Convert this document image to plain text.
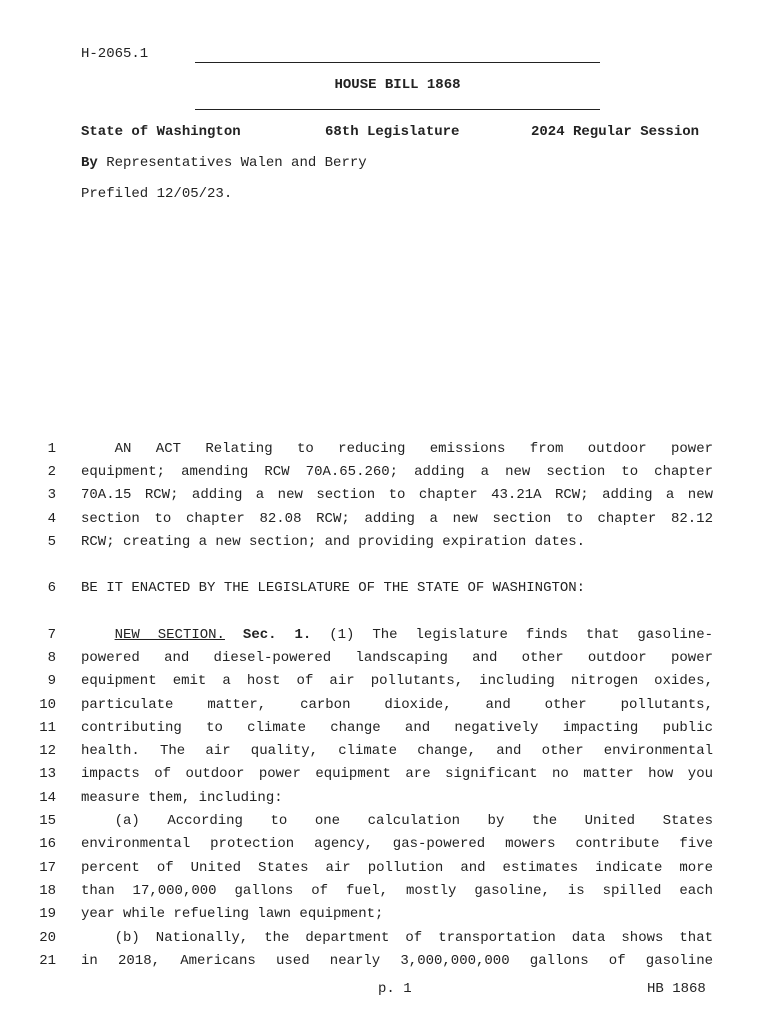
H-2065.1
HOUSE BILL 1868
State of Washington	68th Legislature	2024 Regular Session
By Representatives Walen and Berry
Prefiled 12/05/23.
1	AN ACT Relating to reducing emissions from outdoor power
2 equipment; amending RCW 70A.65.260; adding a new section to chapter
3 70A.15 RCW; adding a new section to chapter 43.21A RCW; adding a new
4 section to chapter 82.08 RCW; adding a new section to chapter 82.12
5 RCW; creating a new section; and providing expiration dates.
6 BE IT ENACTED BY THE LEGISLATURE OF THE STATE OF WASHINGTON:
7	NEW SECTION. Sec. 1. (1) The legislature finds that gasoline-
8 powered and diesel-powered landscaping and other outdoor power
9 equipment emit a host of air pollutants, including nitrogen oxides,
10 particulate matter, carbon dioxide, and other pollutants,
11 contributing to climate change and negatively impacting public
12 health. The air quality, climate change, and other environmental
13 impacts of outdoor power equipment are significant no matter how you
14 measure them, including:
15	(a) According to one calculation by the United States
16 environmental protection agency, gas-powered mowers contribute five
17 percent of United States air pollution and estimates indicate more
18 than 17,000,000 gallons of fuel, mostly gasoline, is spilled each
19 year while refueling lawn equipment;
20	(b) Nationally, the department of transportation data shows that
21 in 2018, Americans used nearly 3,000,000,000 gallons of gasoline
p. 1	HB 1868
